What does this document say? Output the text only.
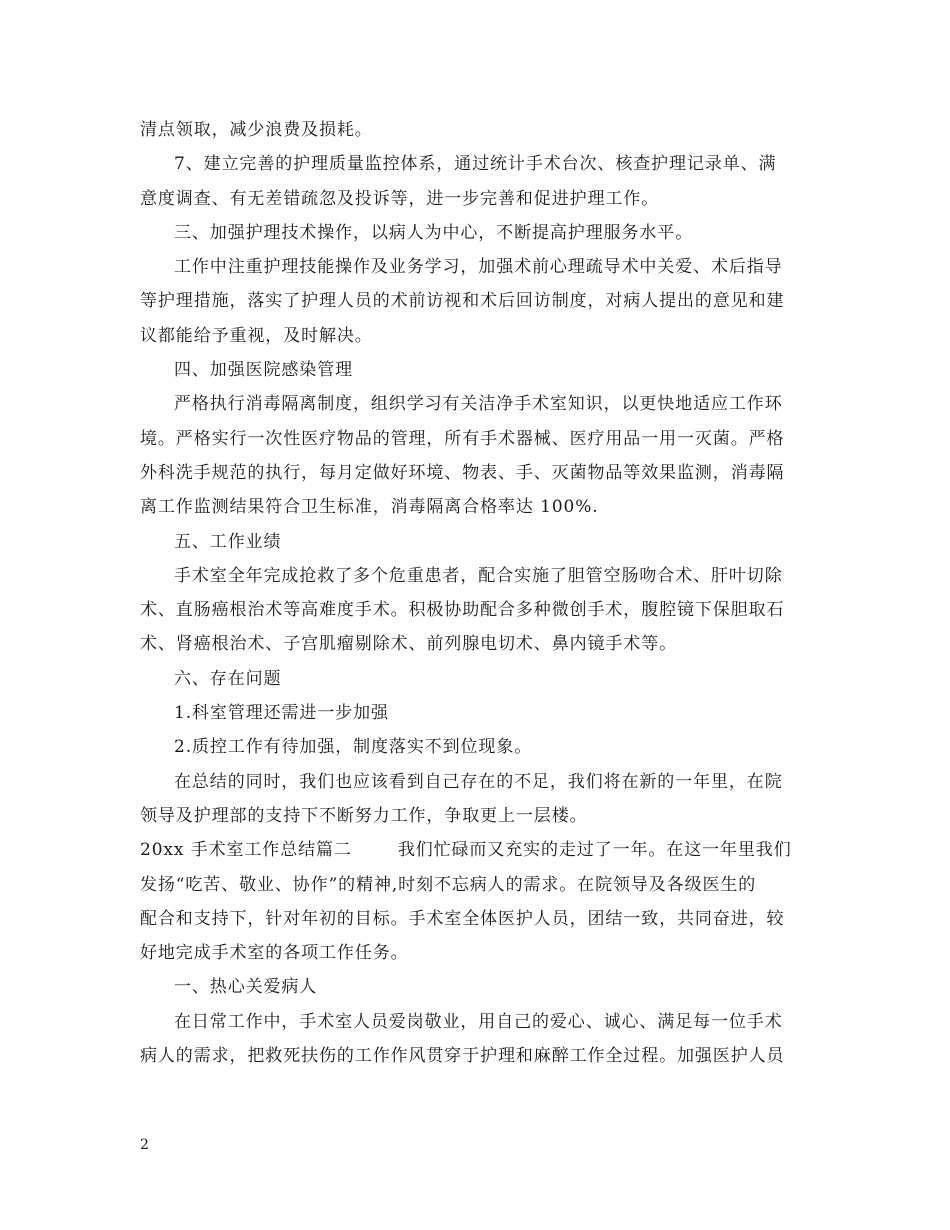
清点领取，减少浪费及损耗。
7、建立完善的护理质量监控体系，通过统计手术台次、核查护理记录单、满
意度调查、有无差错疏忽及投诉等，进一步完善和促进护理工作。
三、加强护理技术操作，以病人为中心，不断提高护理服务水平。
工作中注重护理技能操作及业务学习，加强术前心理疏导术中关爱、术后指导
等护理措施，落实了护理人员的术前访视和术后回访制度，对病人提出的意见和建
议都能给予重视，及时解决。
四、加强医院感染管理
严格执行消毒隔离制度，组织学习有关洁净手术室知识，以更快地适应工作环
境。严格实行一次性医疗物品的管理，所有手术器械、医疗用品一用一灭菌。严格
外科洗手规范的执行，每月定做好环境、物表、手、灭菌物品等效果监测，消毒隔
离工作监测结果符合卫生标准，消毒隔离合格率达 100%.
五、工作业绩
手术室全年完成抢救了多个危重患者，配合实施了胆管空肠吻合术、肝叶切除
术、直肠癌根治术等高难度手术。积极协助配合多种微创手术，腹腔镜下保胆取石
术、肾癌根治术、子宫肌瘤剔除术、前列腺电切术、鼻内镜手术等。
六、存在问题
1.科室管理还需进一步加强
2.质控工作有待加强，制度落实不到位现象。
在总结的同时，我们也应该看到自己存在的不足，我们将在新的一年里，在院
领导及护理部的支持下不断努力工作，争取更上一层楼。
20xx 手术室工作总结篇二	我们忙碌而又充实的走过了一年。在这一年里我们
发扬“吃苦、敬业、协作”的精神,时刻不忘病人的需求。在院领导及各级医生的
配合和支持下，针对年初的目标。手术室全体医护人员，团结一致，共同奋进，较
好地完成手术室的各项工作任务。
一、热心关爱病人
在日常工作中，手术室人员爱岗敬业，用自己的爱心、诚心、满足每一位手术
病人的需求，把救死扶伤的工作作风贯穿于护理和麻醉工作全过程。加强医护人员
2
